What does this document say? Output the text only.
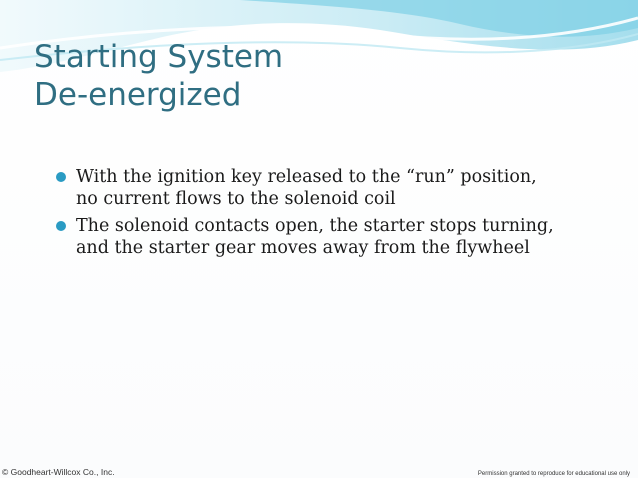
Starting System
De-energized
With the ignition key released to the “run” position,
no current flows to the solenoid coil
The solenoid contacts open, the starter stops turning,
and the starter gear moves away from the flywheel
© Goodheart-Willcox Co., Inc.	Permission granted to reproduce for educational use only
